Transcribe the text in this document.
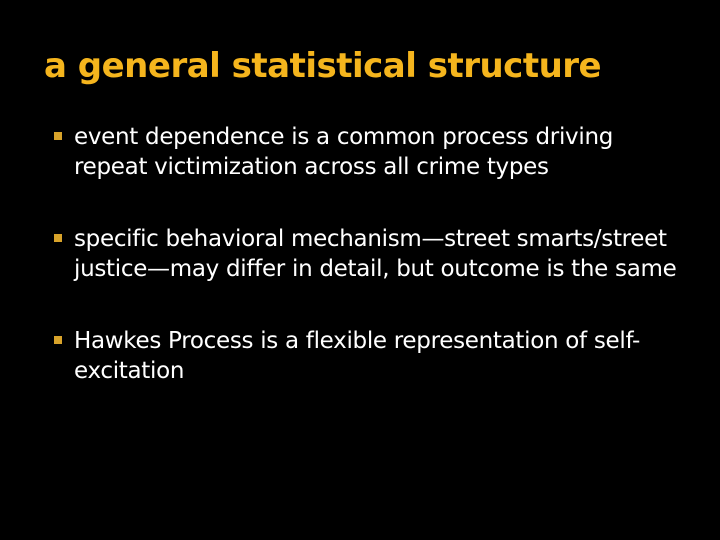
a general statistical structure
event dependence is a common process driving repeat victimization across all crime types
specific behavioral mechanism—street smarts/street justice—may differ in detail, but outcome is the same
Hawkes Process is a flexible representation of self-excitation
